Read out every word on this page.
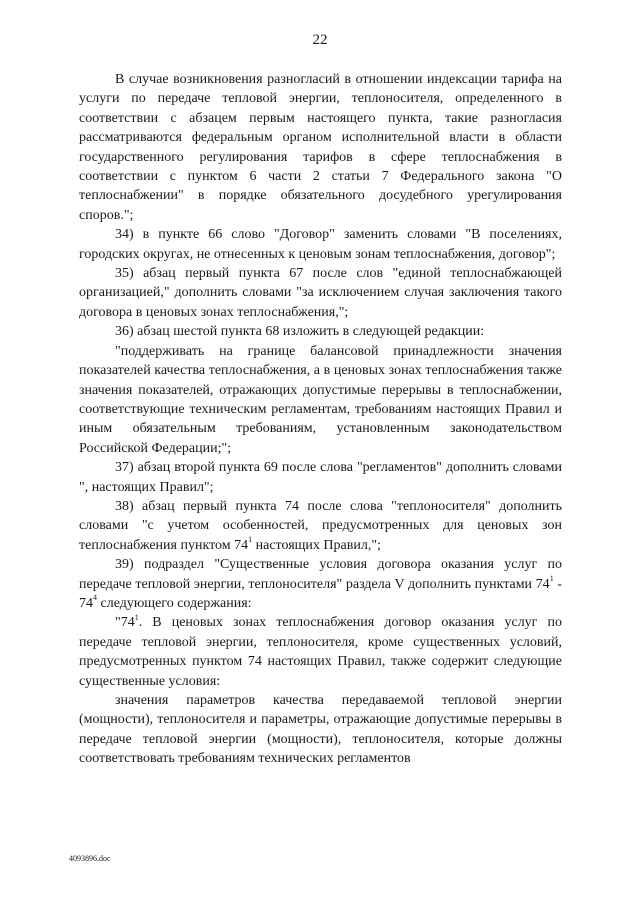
22

В случае возникновения разногласий в отношении индексации тарифа на услуги по передаче тепловой энергии, теплоносителя, определенного в соответствии с абзацем первым настоящего пункта, такие разногласия рассматриваются федеральным органом исполнительной власти в области государственного регулирования тарифов в сфере теплоснабжения в соответствии с пунктом 6 части 2 статьи 7 Федерального закона "О теплоснабжении" в порядке обязательного досудебного урегулирования споров.";

34) в пункте 66 слово "Договор" заменить словами "В поселениях, городских округах, не отнесенных к ценовым зонам теплоснабжения, договор";

35) абзац первый пункта 67 после слов "единой теплоснабжающей организацией," дополнить словами "за исключением случая заключения такого договора в ценовых зонах теплоснабжения,";

36) абзац шестой пункта 68 изложить в следующей редакции:

"поддерживать на границе балансовой принадлежности значения показателей качества теплоснабжения, а в ценовых зонах теплоснабжения также значения показателей, отражающих допустимые перерывы в теплоснабжении, соответствующие техническим регламентам, требованиям настоящих Правил и иным обязательным требованиям, установленным законодательством Российской Федерации;";

37) абзац второй пункта 69 после слова "регламентов" дополнить словами ", настоящих Правил";

38) абзац первый пункта 74 после слова "теплоносителя" дополнить словами "с учетом особенностей, предусмотренных для ценовых зон теплоснабжения пунктом $74^1$ настоящих Правил,";

39) подраздел "Существенные условия договора оказания услуг по передаче тепловой энергии, теплоносителя" раздела V дополнить пунктами $74^1 - 74^4$ следующего содержания:

"$74^1$. В ценовых зонах теплоснабжения договор оказания услуг по передаче тепловой энергии, теплоносителя, кроме существенных условий, предусмотренных пунктом 74 настоящих Правил, также содержит следующие существенные условия:

значения параметров качества передаваемой тепловой энергии (мощности), теплоносителя и параметры, отражающие допустимые перерывы в передаче тепловой энергии (мощности), теплоносителя, которые должны соответствовать требованиям технических регламентов

4093896.doc
